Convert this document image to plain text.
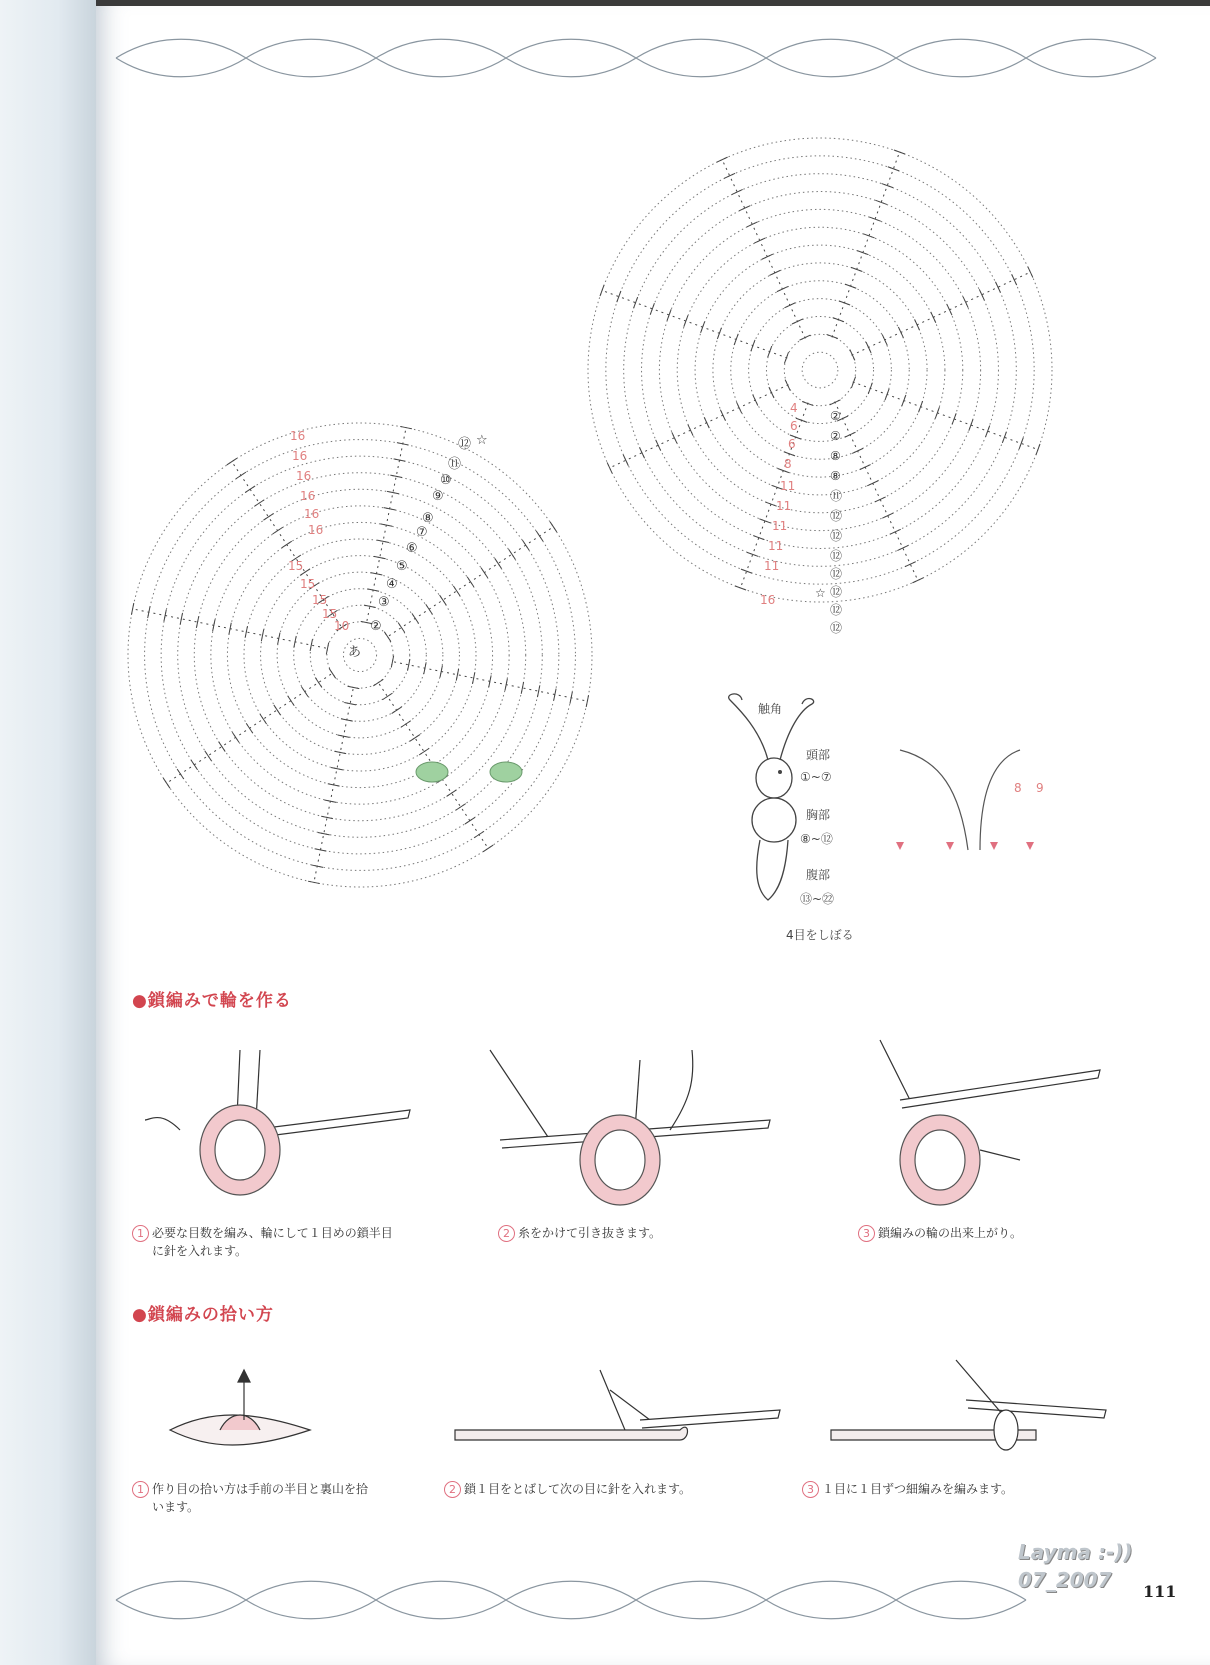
16
16
16
16
16
16
15
15
15
15
10
あ
☆
②
③
④
⑤
⑥
⑦
⑧
⑨
⑩
⑪
⑫
4
6
6
8
11
11
11
11
11
16
②
②
⑧
⑧
⑪
⑫
⑫
⑫
⑫
⑫
⑫
⑫
☆
触角
頭部
①~⑦
胸部
⑧~⑫
腹部
⑬~㉒
4目をしぼる
8 9
●鎖編みで輪を作る
1 必要な目数を編み、輪にして１目めの鎖半目
に針を入れます。
2 糸をかけて引き抜きます。	3 鎖編みの輪の出来上がり。
●鎖編みの拾い方
1 作り目の拾い方は手前の半目と裏山を拾
います。
2 鎖１目をとばして次の目に針を入れます。	3 １目に１目ずつ細編みを編みます。
Layma :-))
07_2007	111
